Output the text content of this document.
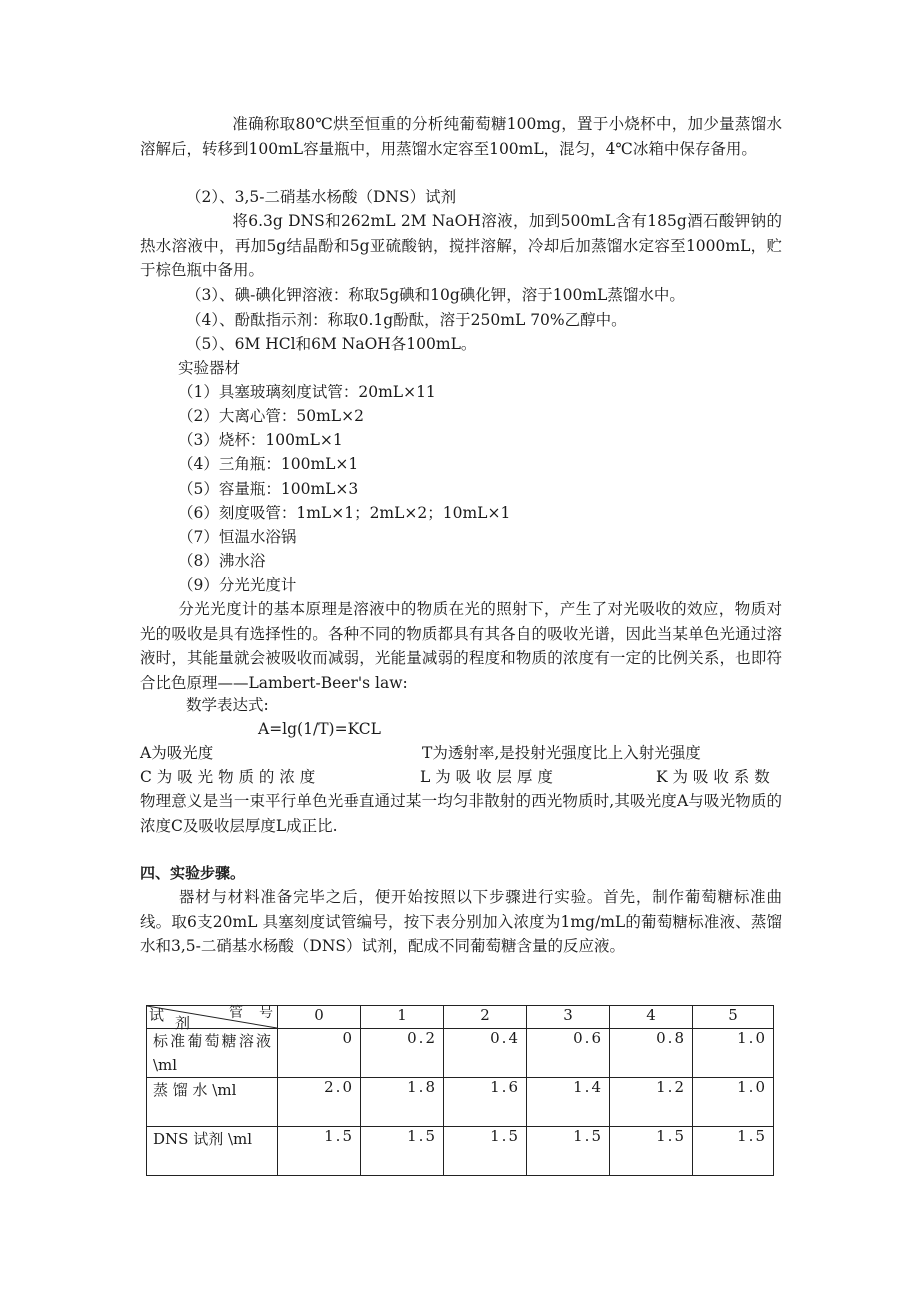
准确称取80℃烘至恒重的分析纯葡萄糖100mg，置于小烧杯中，加少量蒸馏水溶解后，转移到100mL容量瓶中，用蒸馏水定容至100mL，混匀，4℃冰箱中保存备用。
（2）、3,5-二硝基水杨酸（DNS）试剂
将6.3g DNS和262mL 2M NaOH溶液，加到500mL含有185g酒石酸钾钠的热水溶液中，再加5g结晶酚和5g亚硫酸钠，搅拌溶解，冷却后加蒸馏水定容至1000mL，贮于棕色瓶中备用。
（3）、碘-碘化钾溶液：称取5g碘和10g碘化钾，溶于100mL蒸馏水中。
（4）、酚酞指示剂：称取0.1g酚酞，溶于250mL 70%乙醇中。
（5）、6M HCl和6M NaOH各100mL。
实验器材
（1）具塞玻璃刻度试管：20mL×11
（2）大离心管：50mL×2
（3）烧杯：100mL×1
（4）三角瓶：100mL×1
（5）容量瓶：100mL×3
（6）刻度吸管：1mL×1；2mL×2；10mL×1
（7）恒温水浴锅
（8）沸水浴
（9）分光光度计
分光光度计的基本原理是溶液中的物质在光的照射下，产生了对光吸收的效应，物质对光的吸收是具有选择性的。各种不同的物质都具有其各自的吸收光谱，因此当某单色光通过溶液时，其能量就会被吸收而减弱，光能量减弱的程度和物质的浓度有一定的比例关系，也即符合比色原理——Lambert-Beer's law:
数学表达式:
A=lg(1/T)=KCL
A为吸光度	T为透射率,是投射光强度比上入射光强度
C 为 吸 光 物 质 的 浓 度	L 为 吸 收 层 厚 度	K 为 吸 收 系 数
物理意义是当一束平行单色光垂直通过某一均匀非散射的西光物质时,其吸光度A与吸光物质的浓度C及吸收层厚度L成正比.
四、实验步骤。
器材与材料准备完毕之后，便开始按照以下步骤进行实验。首先，制作葡萄糖标准曲线。取6支20mL 具塞刻度试管编号，按下表分别加入浓度为1mg/mL的葡萄糖标准液、蒸馏水和3,5-二硝基水杨酸（DNS）试剂，配成不同葡萄糖含量的反应液。
试 剂
管 号	0	1	2	3	4	5
标准葡萄糖溶液\ml	0	0.2	0.4	0.6	0.8	1.0
蒸 馏 水 \ml	2.0	1.8	1.6	1.4	1.2	1.0
DNS 试剂 \ml	1.5	1.5	1.5	1.5	1.5	1.5
